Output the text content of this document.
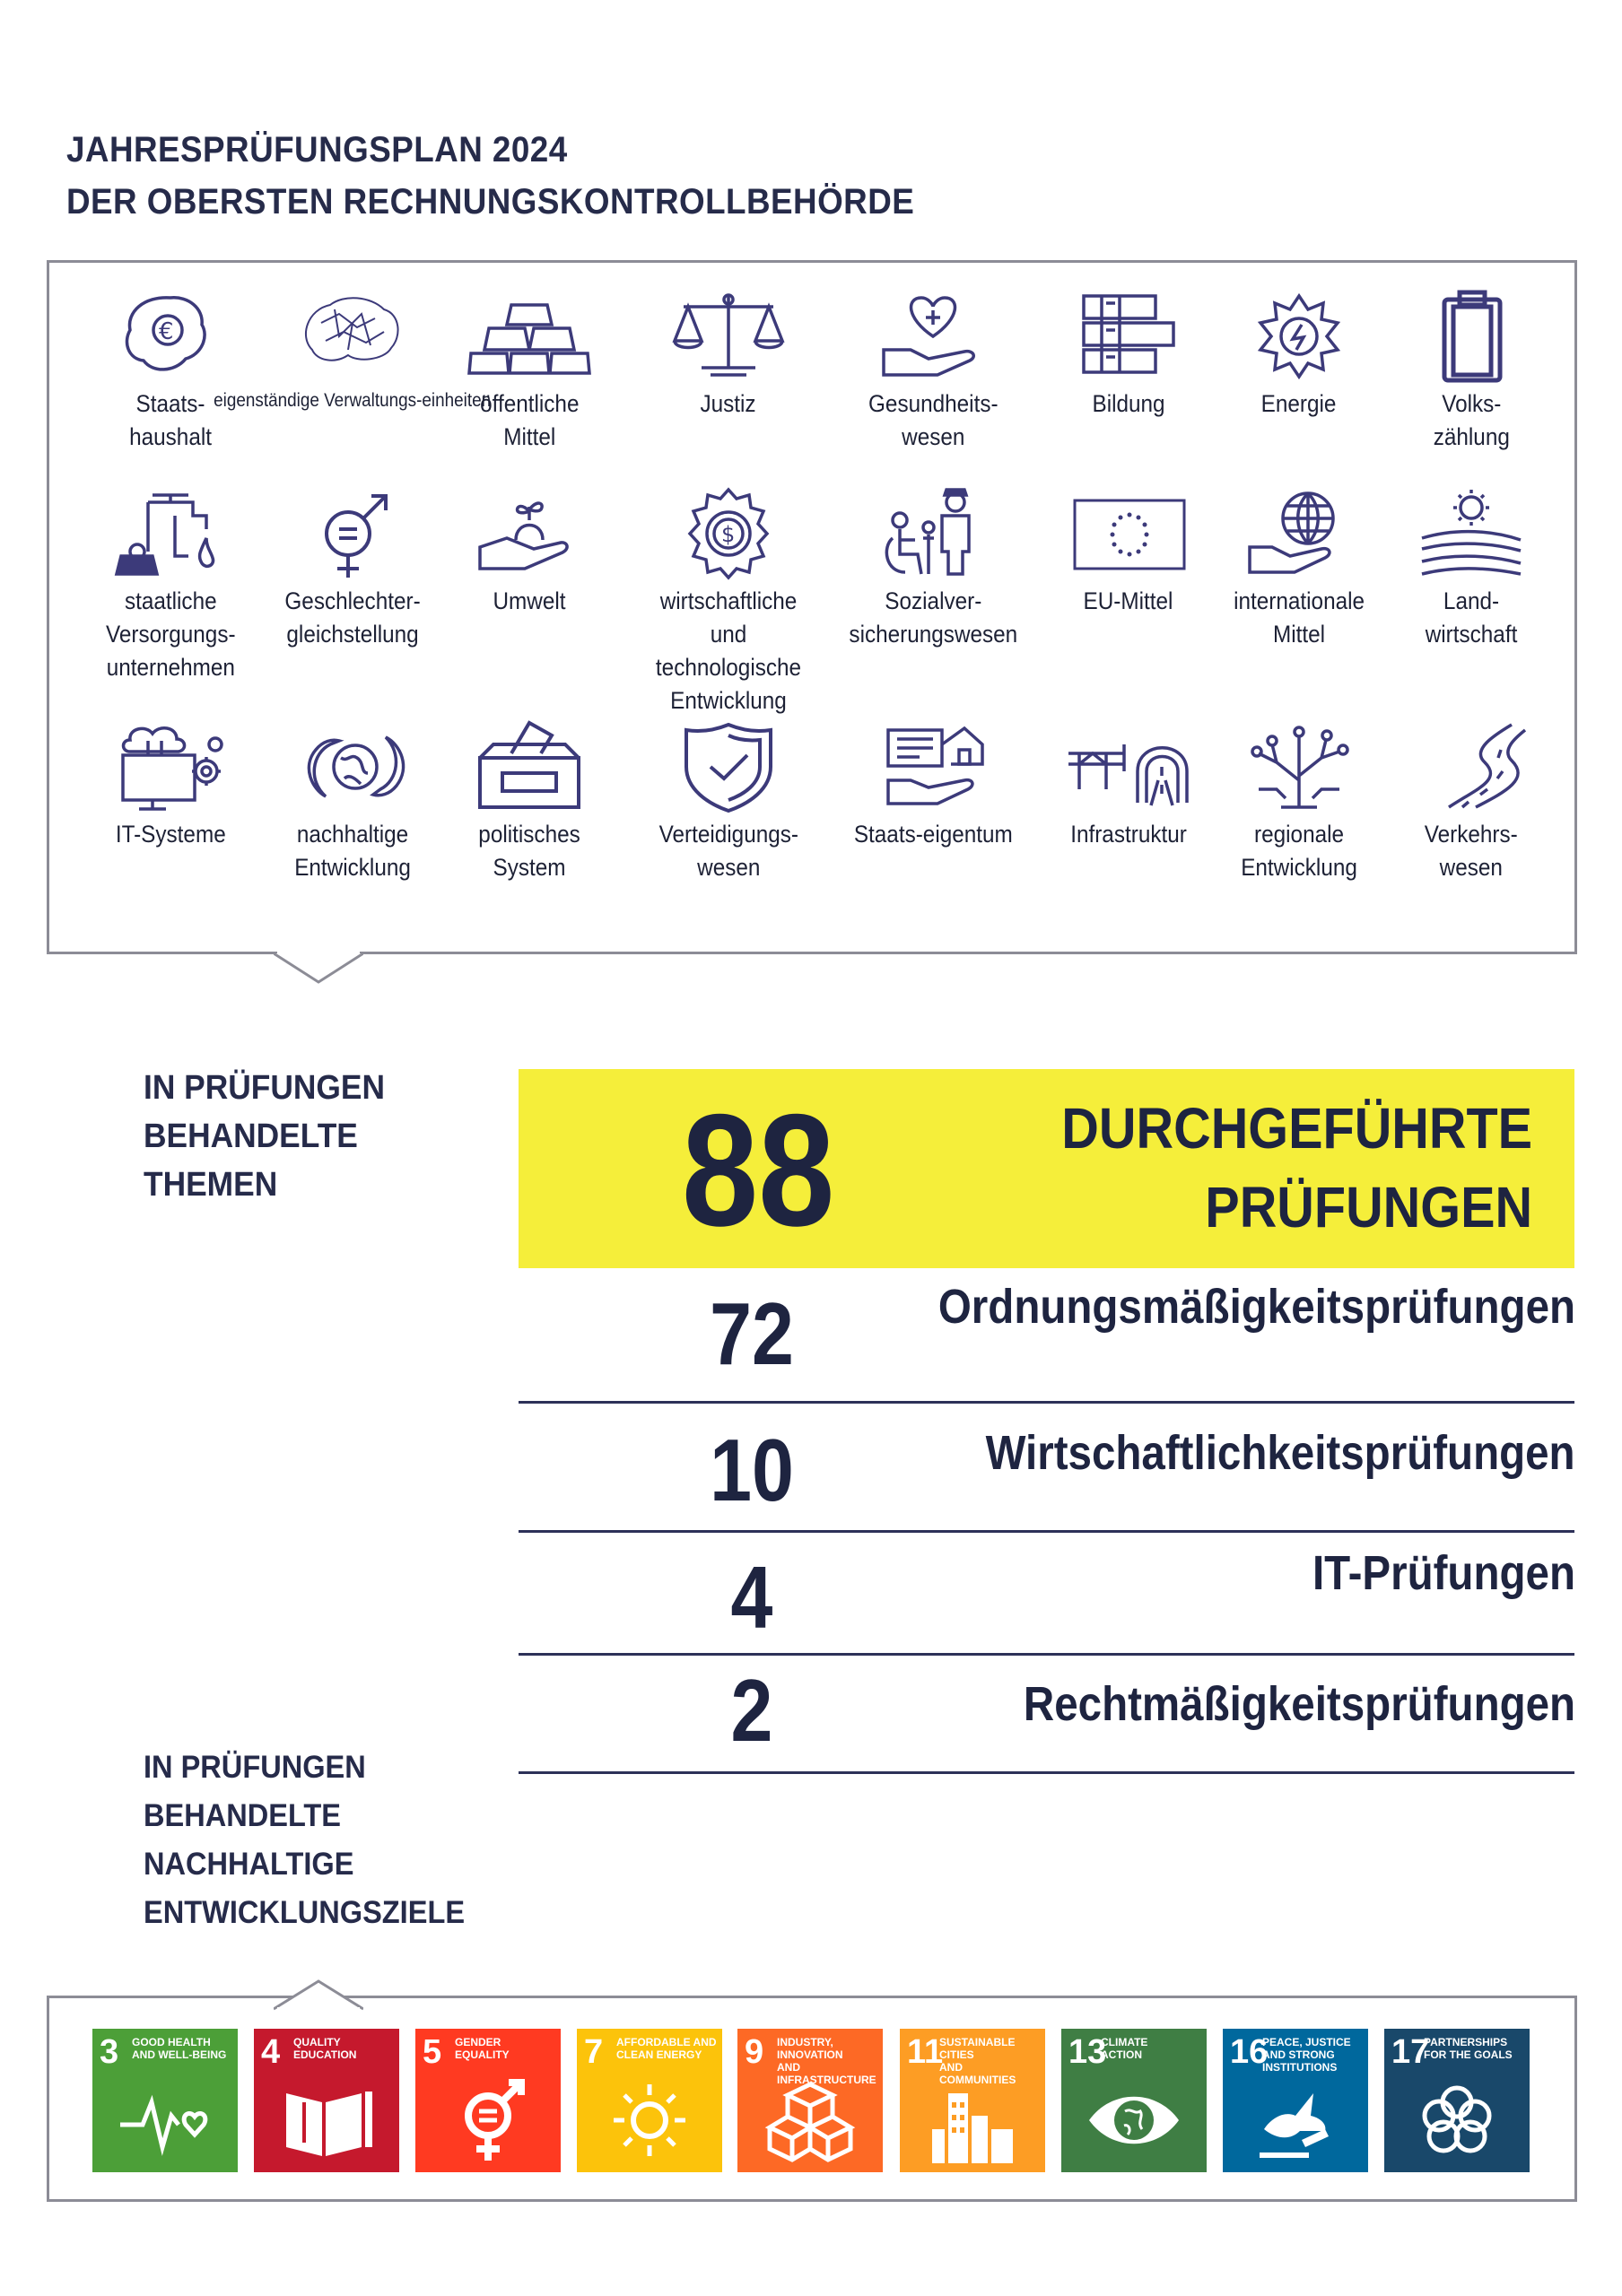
JAHRESPRÜFUNGSPLAN 2024
DER OBERSTEN RECHNUNGSKONTROLLBEHÖRDE
Staats-
haushalt
eigenständige Verwaltungs-einheiten
öffentliche
Mittel
Justiz	Gesundheits-
wesen
Bildung	Energie	Volks-
zählung
staatliche
Versorgungs-
unternehmen
Geschlechter-
gleichstellung
Umwelt	wirtschaftliche und
technologische
Entwicklung
Sozialver-
sicherungswesen
EU-Mittel internationale
Mittel
Land-
wirtschaft
IT-Systeme	nachhaltige
Entwicklung
politisches
System
Verteidigungs-
wesen
Staats-eigentum Infrastruktur	regionale
Entwicklung
Verkehrs-
wesen
IN PRÜFUNGEN
BEHANDELTE
THEMEN	88	DURCHGEFÜHRTE
PRÜFUNGEN
72	Ordnungsmäßigkeitsprüfungen
10	Wirtschaftlichkeitsprüfungen
4	IT-Prüfungen
2	Rechtmäßigkeitsprüfungen
IN PRÜFUNGEN
BEHANDELTE
NACHHALTIGE
ENTWICKLUNGSZIELE
3 GOOD HEALTH
AND WELL-BEING 4 QUALITY
EDUCATION	5 GENDER
EQUALITY	7 AFFORDABLE AND
CLEAN ENERGY	9 INDUSTRY, INNOVATION
AND INFRASTRUCTURE
11
SUSTAINABLE CITIES
AND COMMUNITIES
13
CLIMATE
ACTION	16
PEACE, JUSTICE
AND STRONG
INSTITUTIONS	17
PARTNERSHIPS
FOR THE GOALS
